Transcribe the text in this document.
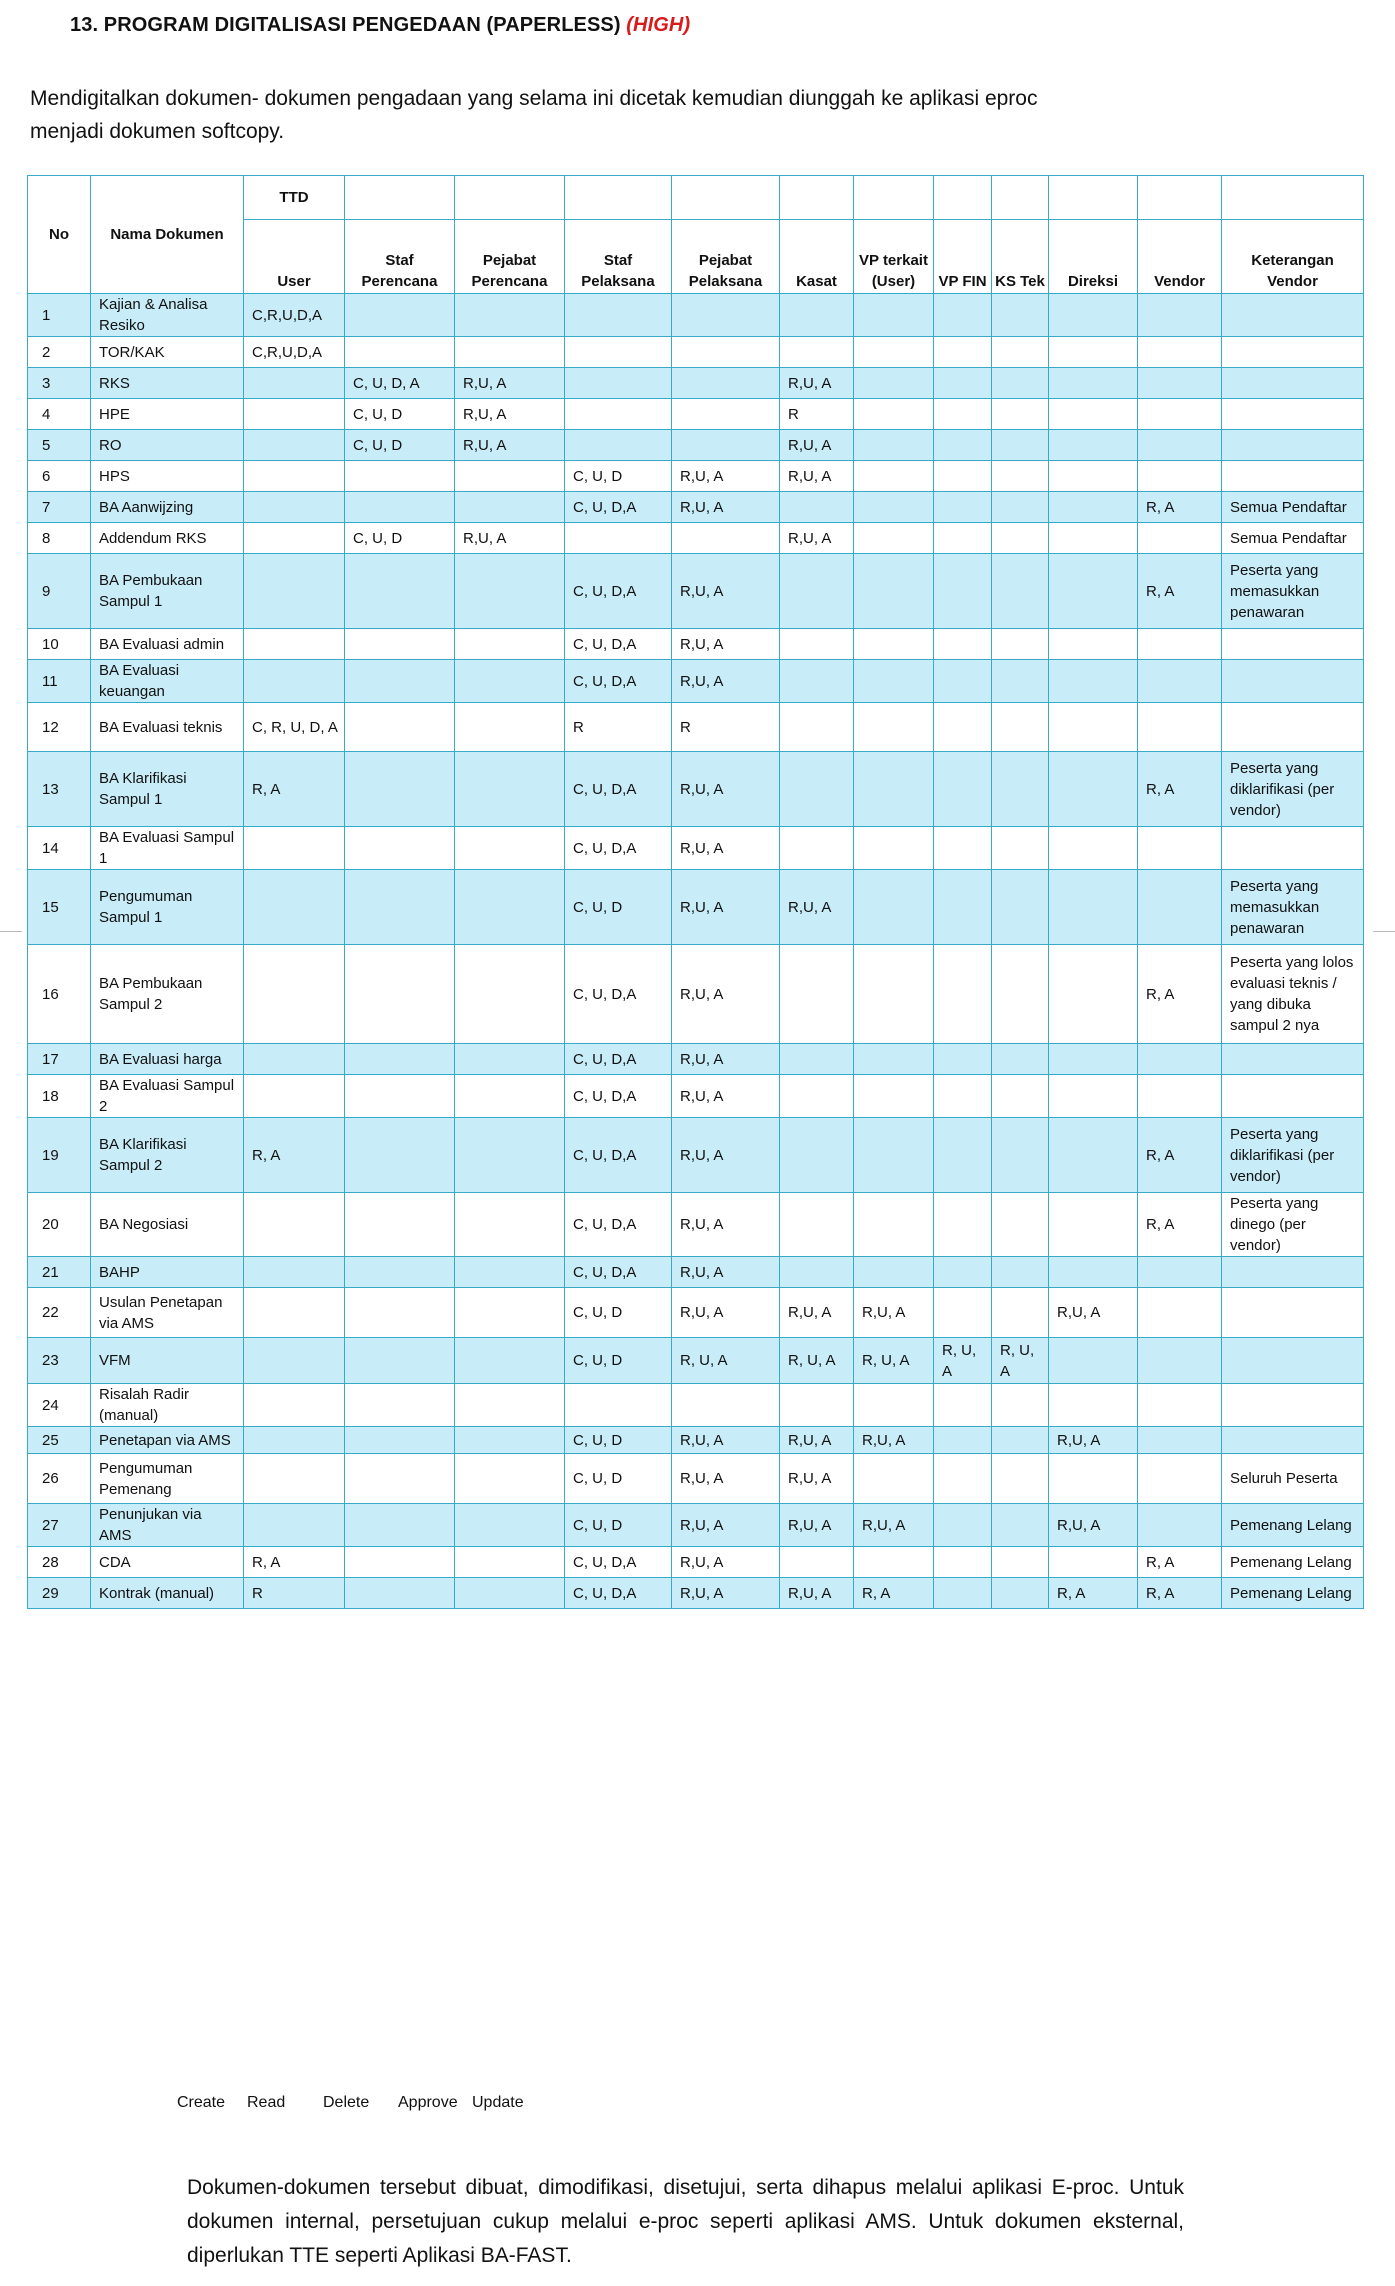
13. PROGRAM DIGITALISASI PENGEDAAN (PAPERLESS) (HIGH)
Mendigitalkan dokumen- dokumen pengadaan yang selama ini dicetak kemudian diunggah ke aplikasi eproc menjadi dokumen softcopy.
No	Nama Dokumen	TTD											
		User	Staf Perencana	Pejabat Perencana	Staf Pelaksana	Pejabat Pelaksana	Kasat	VP terkait (User)	VP FIN	KS Tek	Direksi	Vendor	Keterangan Vendor
1	Kajian & Analisa Resiko	C,R,U,D,A											
2	TOR/KAK	C,R,U,D,A											
3	RKS		C, U, D, A	R,U, A			R,U, A						
4	HPE		C, U, D	R,U, A			R						
5	RO		C, U, D	R,U, A			R,U, A						
6	HPS				C, U, D	R,U, A	R,U, A						
7	BA Aanwijzing				C, U, D,A	R,U, A						R, A	Semua Pendaftar
8	Addendum RKS		C, U, D	R,U, A			R,U, A						Semua Pendaftar
9	BA Pembukaan Sampul 1				C, U, D,A	R,U, A						R, A	Peserta yang memasukkan penawaran
10	BA Evaluasi admin				C, U, D,A	R,U, A							
11	BA Evaluasi keuangan				C, U, D,A	R,U, A							
12	BA Evaluasi teknis	C, R, U, D, A			R	R							
13	BA Klarifikasi Sampul 1	R, A			C, U, D,A	R,U, A						R, A	Peserta yang diklarifikasi (per vendor)
14	BA Evaluasi Sampul 1				C, U, D,A	R,U, A							
15	Pengumuman Sampul 1				C, U, D	R,U, A	R,U, A						Peserta yang memasukkan penawaran
16	BA Pembukaan Sampul 2				C, U, D,A	R,U, A						R, A	Peserta yang lolos evaluasi teknis / yang dibuka sampul 2 nya
17	BA Evaluasi harga				C, U, D,A	R,U, A							
18	BA Evaluasi Sampul 2				C, U, D,A	R,U, A							
19	BA Klarifikasi Sampul 2	R, A			C, U, D,A	R,U, A						R, A	Peserta yang diklarifikasi (per vendor)
20	BA Negosiasi				C, U, D,A	R,U, A						R, A	Peserta yang dinego (per vendor)
21	BAHP				C, U, D,A	R,U, A							
22	Usulan Penetapan via AMS				C, U, D	R,U, A	R,U, A	R,U, A			R,U, A		
23	VFM				C, U, D	R, U, A	R, U, A	R, U, A	R, U, A	R, U, A			
24	Risalah Radir (manual)												
25	Penetapan via AMS				C, U, D	R,U, A	R,U, A	R,U, A			R,U, A		
26	Pengumuman Pemenang				C, U, D	R,U, A	R,U, A						Seluruh Peserta
27	Penunjukan via AMS				C, U, D	R,U, A	R,U, A	R,U, A			R,U, A		Pemenang Lelang
28	CDA	R, A			C, U, D,A	R,U, A						R, A	Pemenang Lelang
29	Kontrak (manual)	R			C, U, D,A	R,U, A	R,U, A	R, A			R, A	R, A	Pemenang Lelang
Create Read Delete Approve Update
Dokumen-dokumen tersebut dibuat, dimodifikasi, disetujui, serta dihapus melalui aplikasi E-proc. Untuk dokumen internal, persetujuan cukup melalui e-proc seperti aplikasi AMS. Untuk dokumen eksternal, diperlukan TTE seperti Aplikasi BA-FAST.
